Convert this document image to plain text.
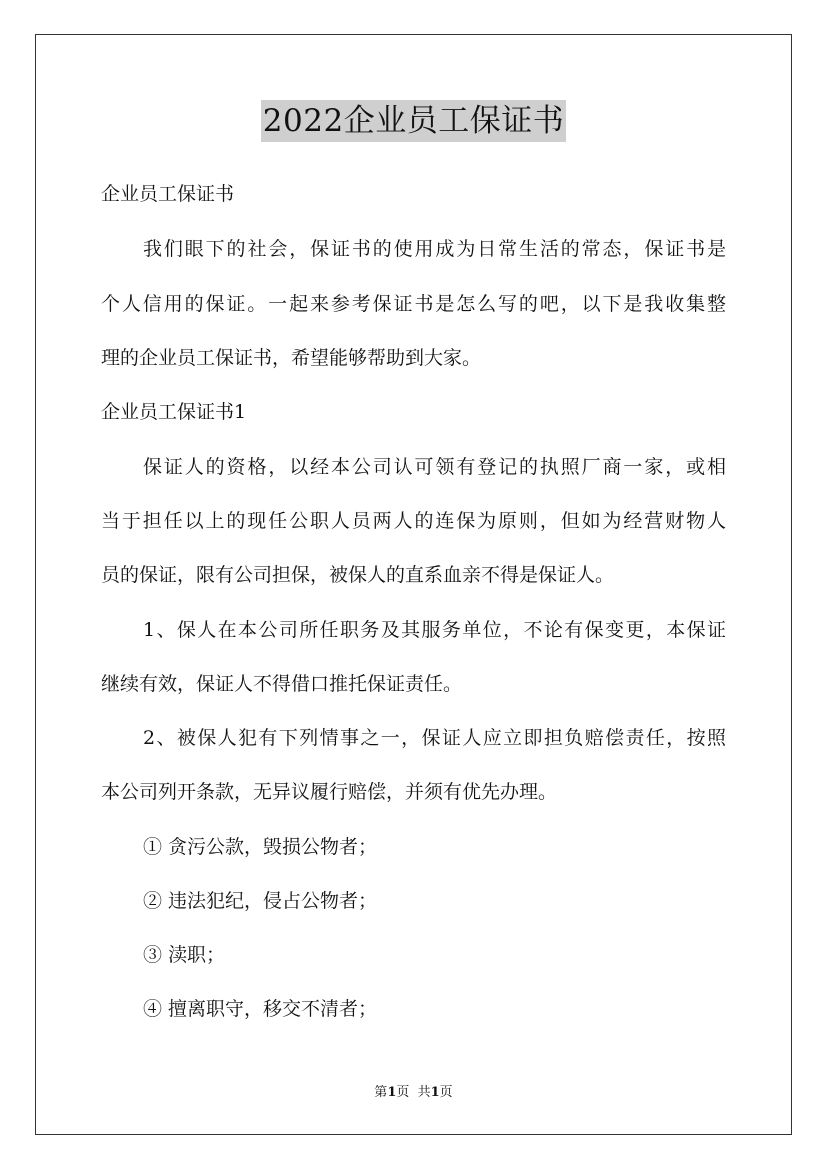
2022企业员工保证书
企业员工保证书
我们眼下的社会，保证书的使用成为日常生活的常态，保证书是
个人信用的保证。一起来参考保证书是怎么写的吧，以下是我收集整
理的企业员工保证书，希望能够帮助到大家。
企业员工保证书1
保证人的资格，以经本公司认可领有登记的执照厂商一家，或相
当于担任以上的现任公职人员两人的连保为原则，但如为经营财物人
员的保证，限有公司担保，被保人的直系血亲不得是保证人。
1、保人在本公司所任职务及其服务单位，不论有保变更，本保证
继续有效，保证人不得借口推托保证责任。
2、被保人犯有下列情事之一，保证人应立即担负赔偿责任，按照
本公司列开条款，无异议履行赔偿，并须有优先办理。
① 贪污公款，毁损公物者；
② 违法犯纪，侵占公物者；
③ 渎职；
④ 擅离职守，移交不清者；
第1页  共1页
